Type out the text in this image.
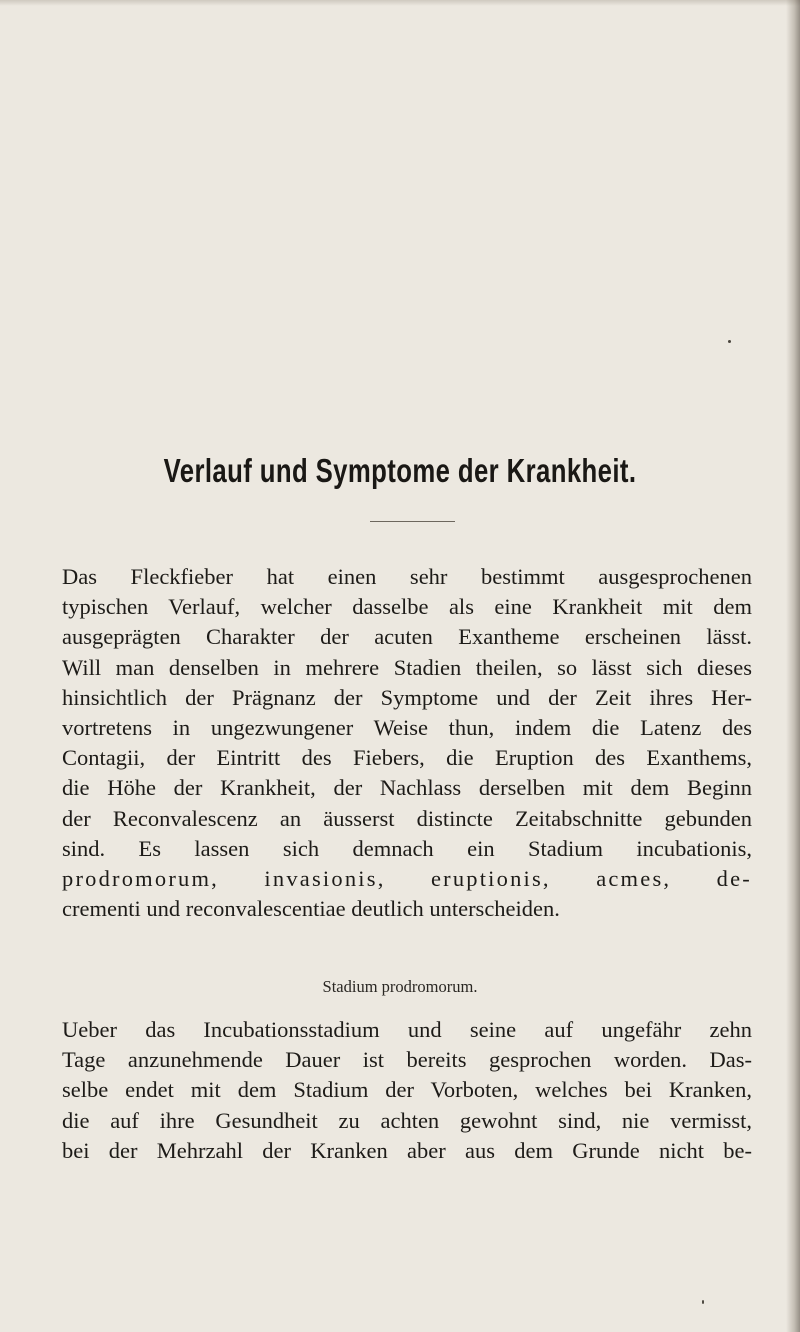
Verlauf und Symptome der Krankheit.
Das Fleckfieber hat einen sehr bestimmt ausgesprochenen
typischen Verlauf, welcher dasselbe als eine Krankheit mit dem
ausgeprägten Charakter der acuten Exantheme erscheinen lässt.
Will man denselben in mehrere Stadien theilen, so lässt sich dieses
hinsichtlich der Prägnanz der Symptome und der Zeit ihres Her-
vortretens in ungezwungener Weise thun, indem die Latenz des
Contagii, der Eintritt des Fiebers, die Eruption des Exanthems,
die Höhe der Krankheit, der Nachlass derselben mit dem Beginn
der Reconvalescenz an äusserst distincte Zeitabschnitte gebunden
sind. Es lassen sich demnach ein Stadium incubationis,
prodromorum, invasionis, eruptionis, acmes, de-
crementi und reconvalescentiae deutlich unterscheiden.
Stadium prodromorum.
Ueber das Incubationsstadium und seine auf ungefähr zehn
Tage anzunehmende Dauer ist bereits gesprochen worden. Das-
selbe endet mit dem Stadium der Vorboten, welches bei Kranken,
die auf ihre Gesundheit zu achten gewohnt sind, nie vermisst,
bei der Mehrzahl der Kranken aber aus dem Grunde nicht be-
